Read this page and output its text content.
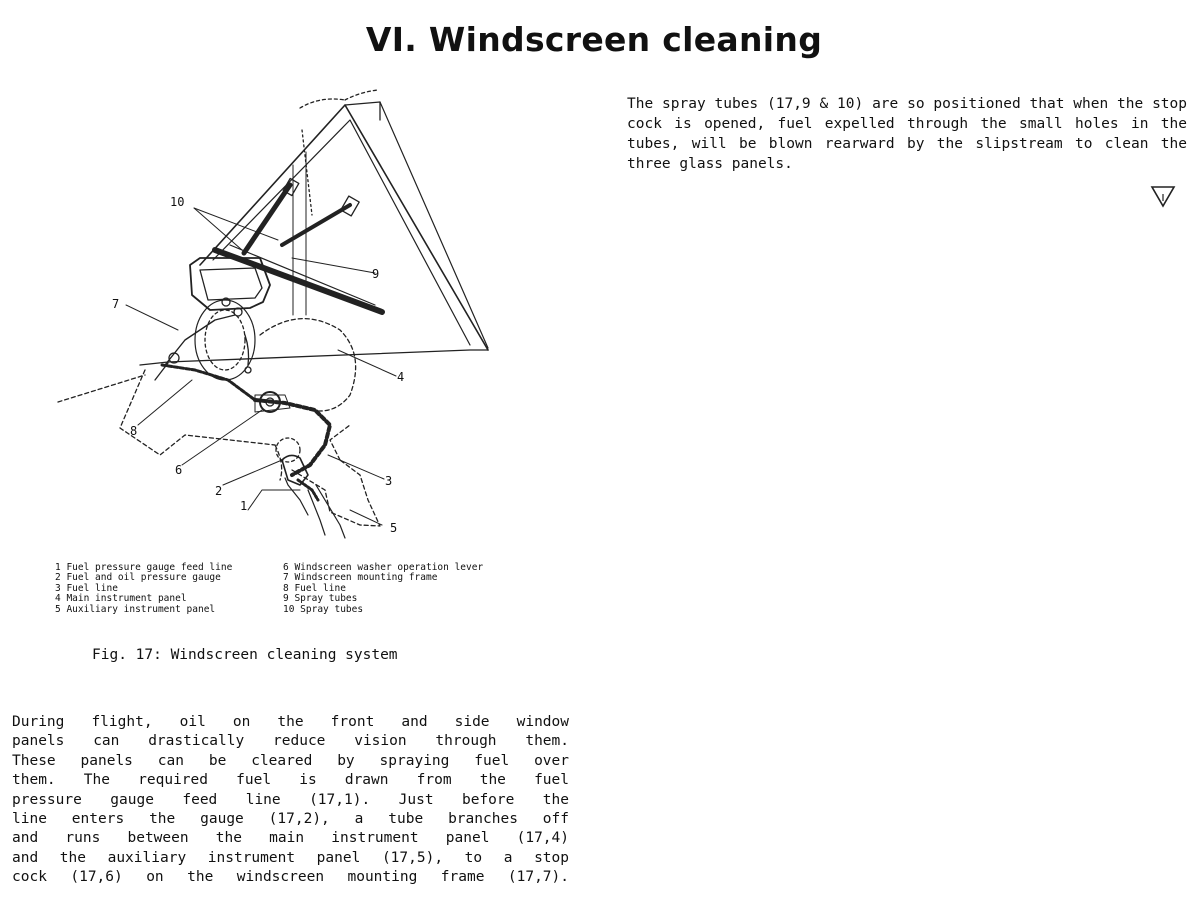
VI. Windscreen cleaning

The spray tubes (17,9 & 10) are so positioned that when the stop cock is opened, fuel expelled through the small holes in the tubes, will be blown rearward by the slipstream to clean the three glass panels.

10
9
7
4
8
6
3
2
1
5
1 Fuel pressure gauge feed line
2 Fuel and oil pressure gauge
3 Fuel line
4 Main instrument panel
5 Auxiliary instrument panel
6 Windscreen washer operation lever
7 Windscreen mounting frame
8 Fuel line
9 Spray tubes
10 Spray tubes
Fig. 17: Windscreen cleaning system
During flight, oil on the front and side window
panels can drastically reduce vision through them.
These panels can be cleared by spraying fuel over
them. The required fuel is drawn from the fuel
pressure gauge feed line (17,1). Just before the
line enters the gauge (17,2), a tube branches off
and runs between the main instrument panel (17,4)
and the auxiliary instrument panel (17,5), to a stop
cock (17,6) on the windscreen mounting frame (17,7).
